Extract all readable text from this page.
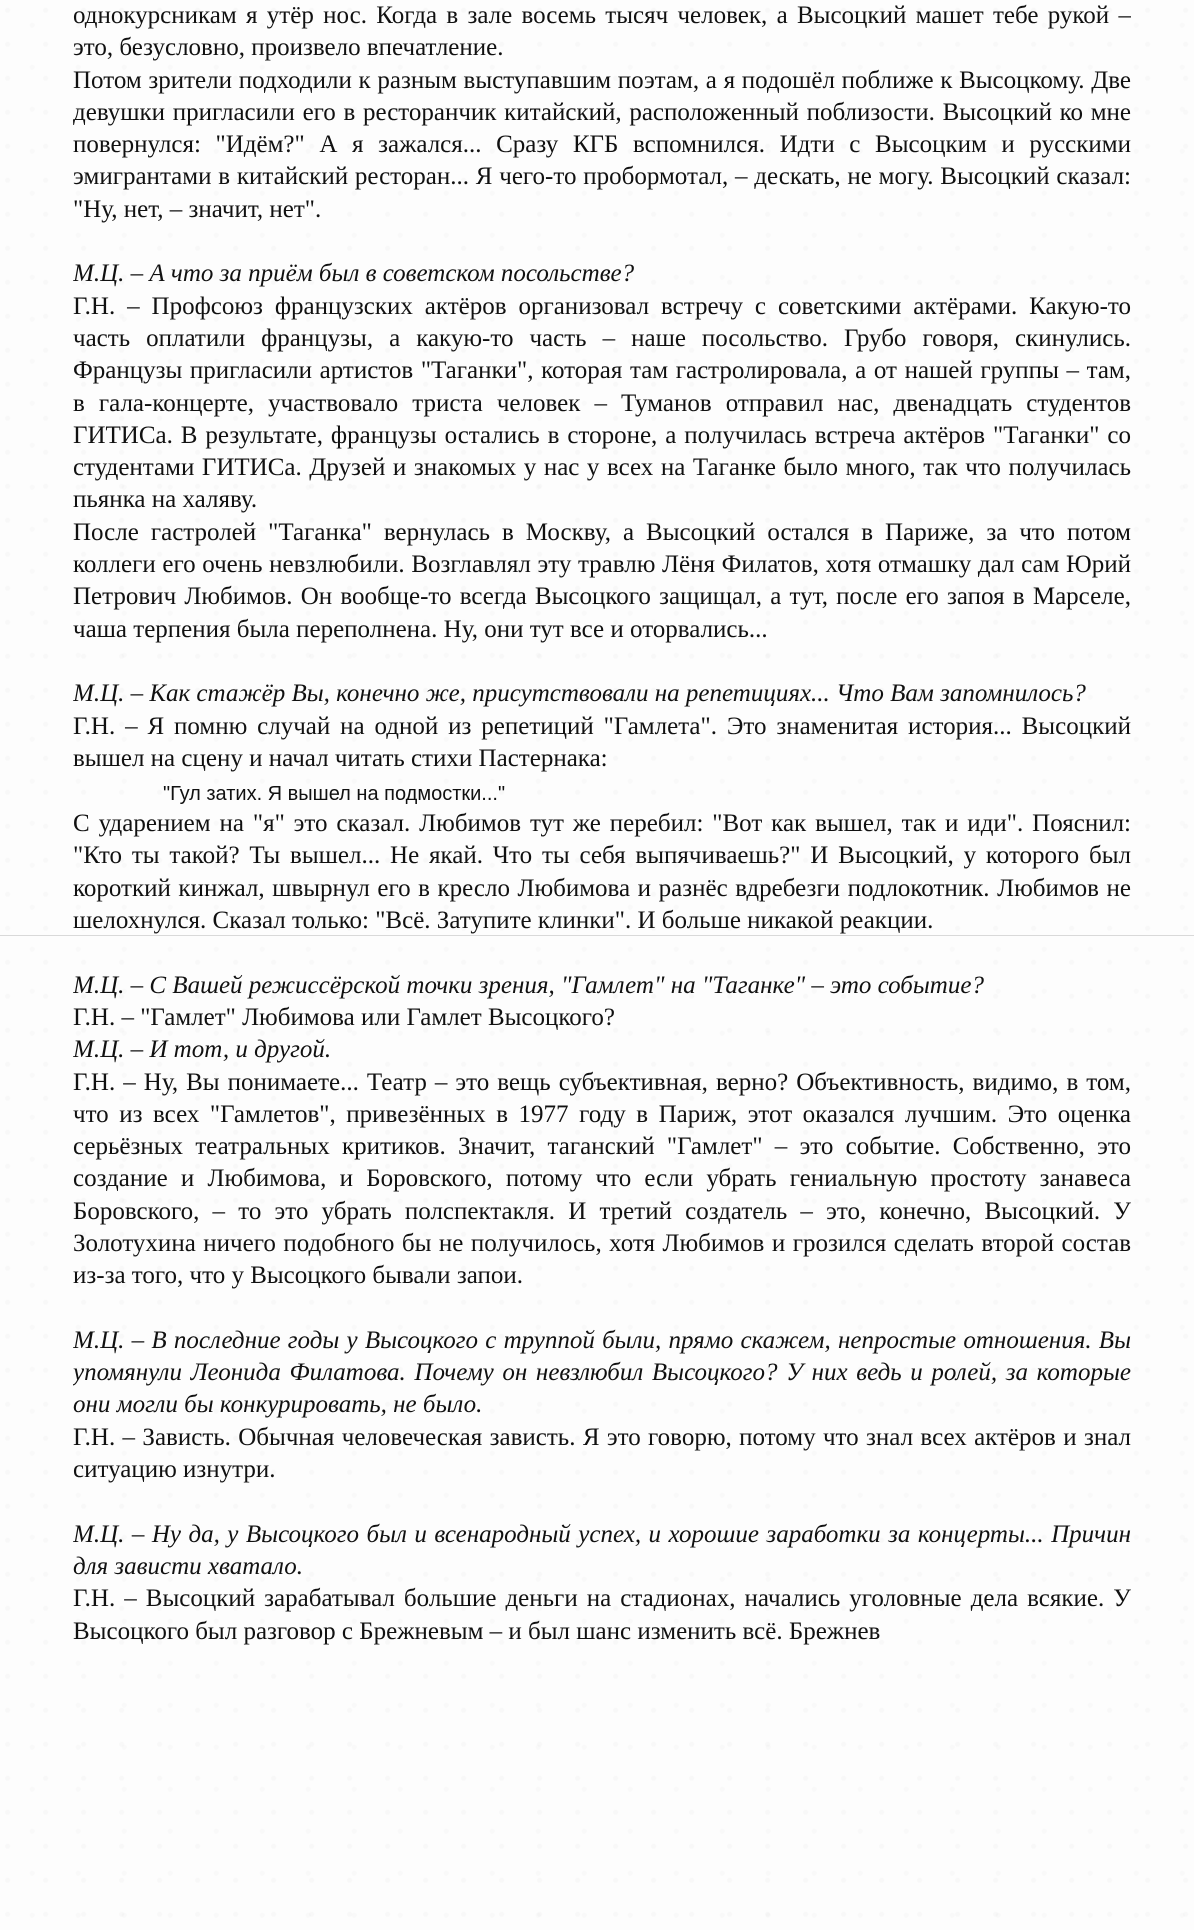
однокурсникам я утёр нос. Когда в зале восемь тысяч человек, а Высоцкий машет тебе рукой – это, безусловно, произвело впечатление.
Потом зрители подходили к разным выступавшим поэтам, а я подошёл поближе к Высоцкому. Две девушки пригласили его в ресторанчик китайский, расположенный поблизости. Высоцкий ко мне повернулся: "Идём?" А я зажался... Сразу КГБ вспомнился. Идти с Высоцким и русскими эмигрантами в китайский ресторан... Я чего-то пробормотал, – дескать, не могу. Высоцкий сказал: "Ну, нет, – значит, нет".
М.Ц. – А что за приём был в советском посольстве?
Г.Н. – Профсоюз французских актёров организовал встречу с советскими актёрами. Какую-то часть оплатили французы, а какую-то часть – наше посольство. Грубо говоря, скинулись. Французы пригласили артистов "Таганки", которая там гастролировала, а от нашей группы – там, в гала-концерте, участвовало триста человек – Туманов отправил нас, двенадцать студентов ГИТИСа. В результате, французы остались в стороне, а получилась встреча актёров "Таганки" со студентами ГИТИСа. Друзей и знакомых у нас у всех на Таганке было много, так что получилась пьянка на халяву.
После гастролей "Таганка" вернулась в Москву, а Высоцкий остался в Париже, за что потом коллеги его очень невзлюбили. Возглавлял эту травлю Лёня Филатов, хотя отмашку дал сам Юрий Петрович Любимов. Он вообще-то всегда Высоцкого защищал, а тут, после его запоя в Марселе, чаша терпения была переполнена. Ну, они тут все и оторвались...
М.Ц. – Как стажёр Вы, конечно же, присутствовали на репетициях... Что Вам запомнилось?
Г.Н. – Я помню случай на одной из репетиций "Гамлета". Это знаменитая история... Высоцкий вышел на сцену и начал читать стихи Пастернака:
"Гул затих. Я вышел на подмостки..."
С ударением на "я" это сказал. Любимов тут же перебил: "Вот как вышел, так и иди". Пояснил: "Кто ты такой? Ты вышел... Не якай. Что ты себя выпячиваешь?" И Высоцкий, у которого был короткий кинжал, швырнул его в кресло Любимова и разнёс вдребезги подлокотник. Любимов не шелохнулся. Сказал только: "Всё. Затупите клинки". И больше никакой реакции.
М.Ц. – С Вашей режиссёрской точки зрения, "Гамлет" на "Таганке" – это событие?
Г.Н. – "Гамлет" Любимова или Гамлет Высоцкого?
М.Ц. – И тот, и другой.
Г.Н. – Ну, Вы понимаете... Театр – это вещь субъективная, верно? Объективность, видимо, в том, что из всех "Гамлетов", привезённых в 1977 году в Париж, этот оказался лучшим. Это оценка серьёзных театральных критиков. Значит, таганский "Гамлет" – это событие. Собственно, это создание и Любимова, и Боровского, потому что если убрать гениальную простоту занавеса Боровского, – то это убрать полспектакля. И третий создатель – это, конечно, Высоцкий. У Золотухина ничего подобного бы не получилось, хотя Любимов и грозился сделать второй состав из-за того, что у Высоцкого бывали запои.
М.Ц. – В последние годы у Высоцкого с труппой были, прямо скажем, непростые отношения. Вы упомянули Леонида Филатова. Почему он невзлюбил Высоцкого? У них ведь и ролей, за которые они могли бы конкурировать, не было.
Г.Н. – Зависть. Обычная человеческая зависть. Я это говорю, потому что знал всех актёров и знал ситуацию изнутри.
М.Ц. – Ну да, у Высоцкого был и всенародный успех, и хорошие заработки за концерты... Причин для зависти хватало.
Г.Н. – Высоцкий зарабатывал большие деньги на стадионах, начались уголовные дела всякие. У Высоцкого был разговор с Брежневым – и был шанс изменить всё. Брежнев
